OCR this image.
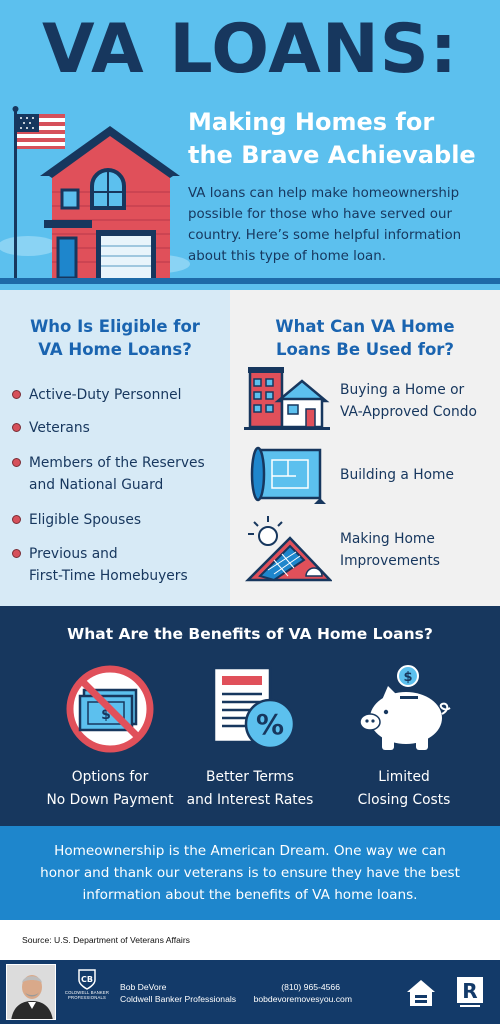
VA LOANS:
Making Homes for
the Brave Achievable
VA loans can help make homeownership possible for those who have served our country. Here’s some helpful information about this type of home loan.
Who Is Eligible for
VA Home Loans?
Active-Duty Personnel
Veterans
Members of the Reserves
and National Guard
Eligible Spouses
Previous and
First-Time Homebuyers
What Can VA Home
Loans Be Used for?
Buying a Home or
VA-Approved Condo
Building a Home
Making Home
Improvements
What Are the Benefits of VA Home Loans?
$
Options for
No Down Payment
%
Better Terms
and Interest Rates
$
Limited
Closing Costs
Homeownership is the American Dream. One way we can
honor and thank our veterans is to ensure they have the best
information about the benefits of VA home loans.
Source: U.S. Department of Veterans Affairs
CB
COLDWELL BANKER
PROFESSIONALS
Bob DeVore
Coldwell Banker Professionals
(810) 965-4566
bobdevoremovesyou.com	R
